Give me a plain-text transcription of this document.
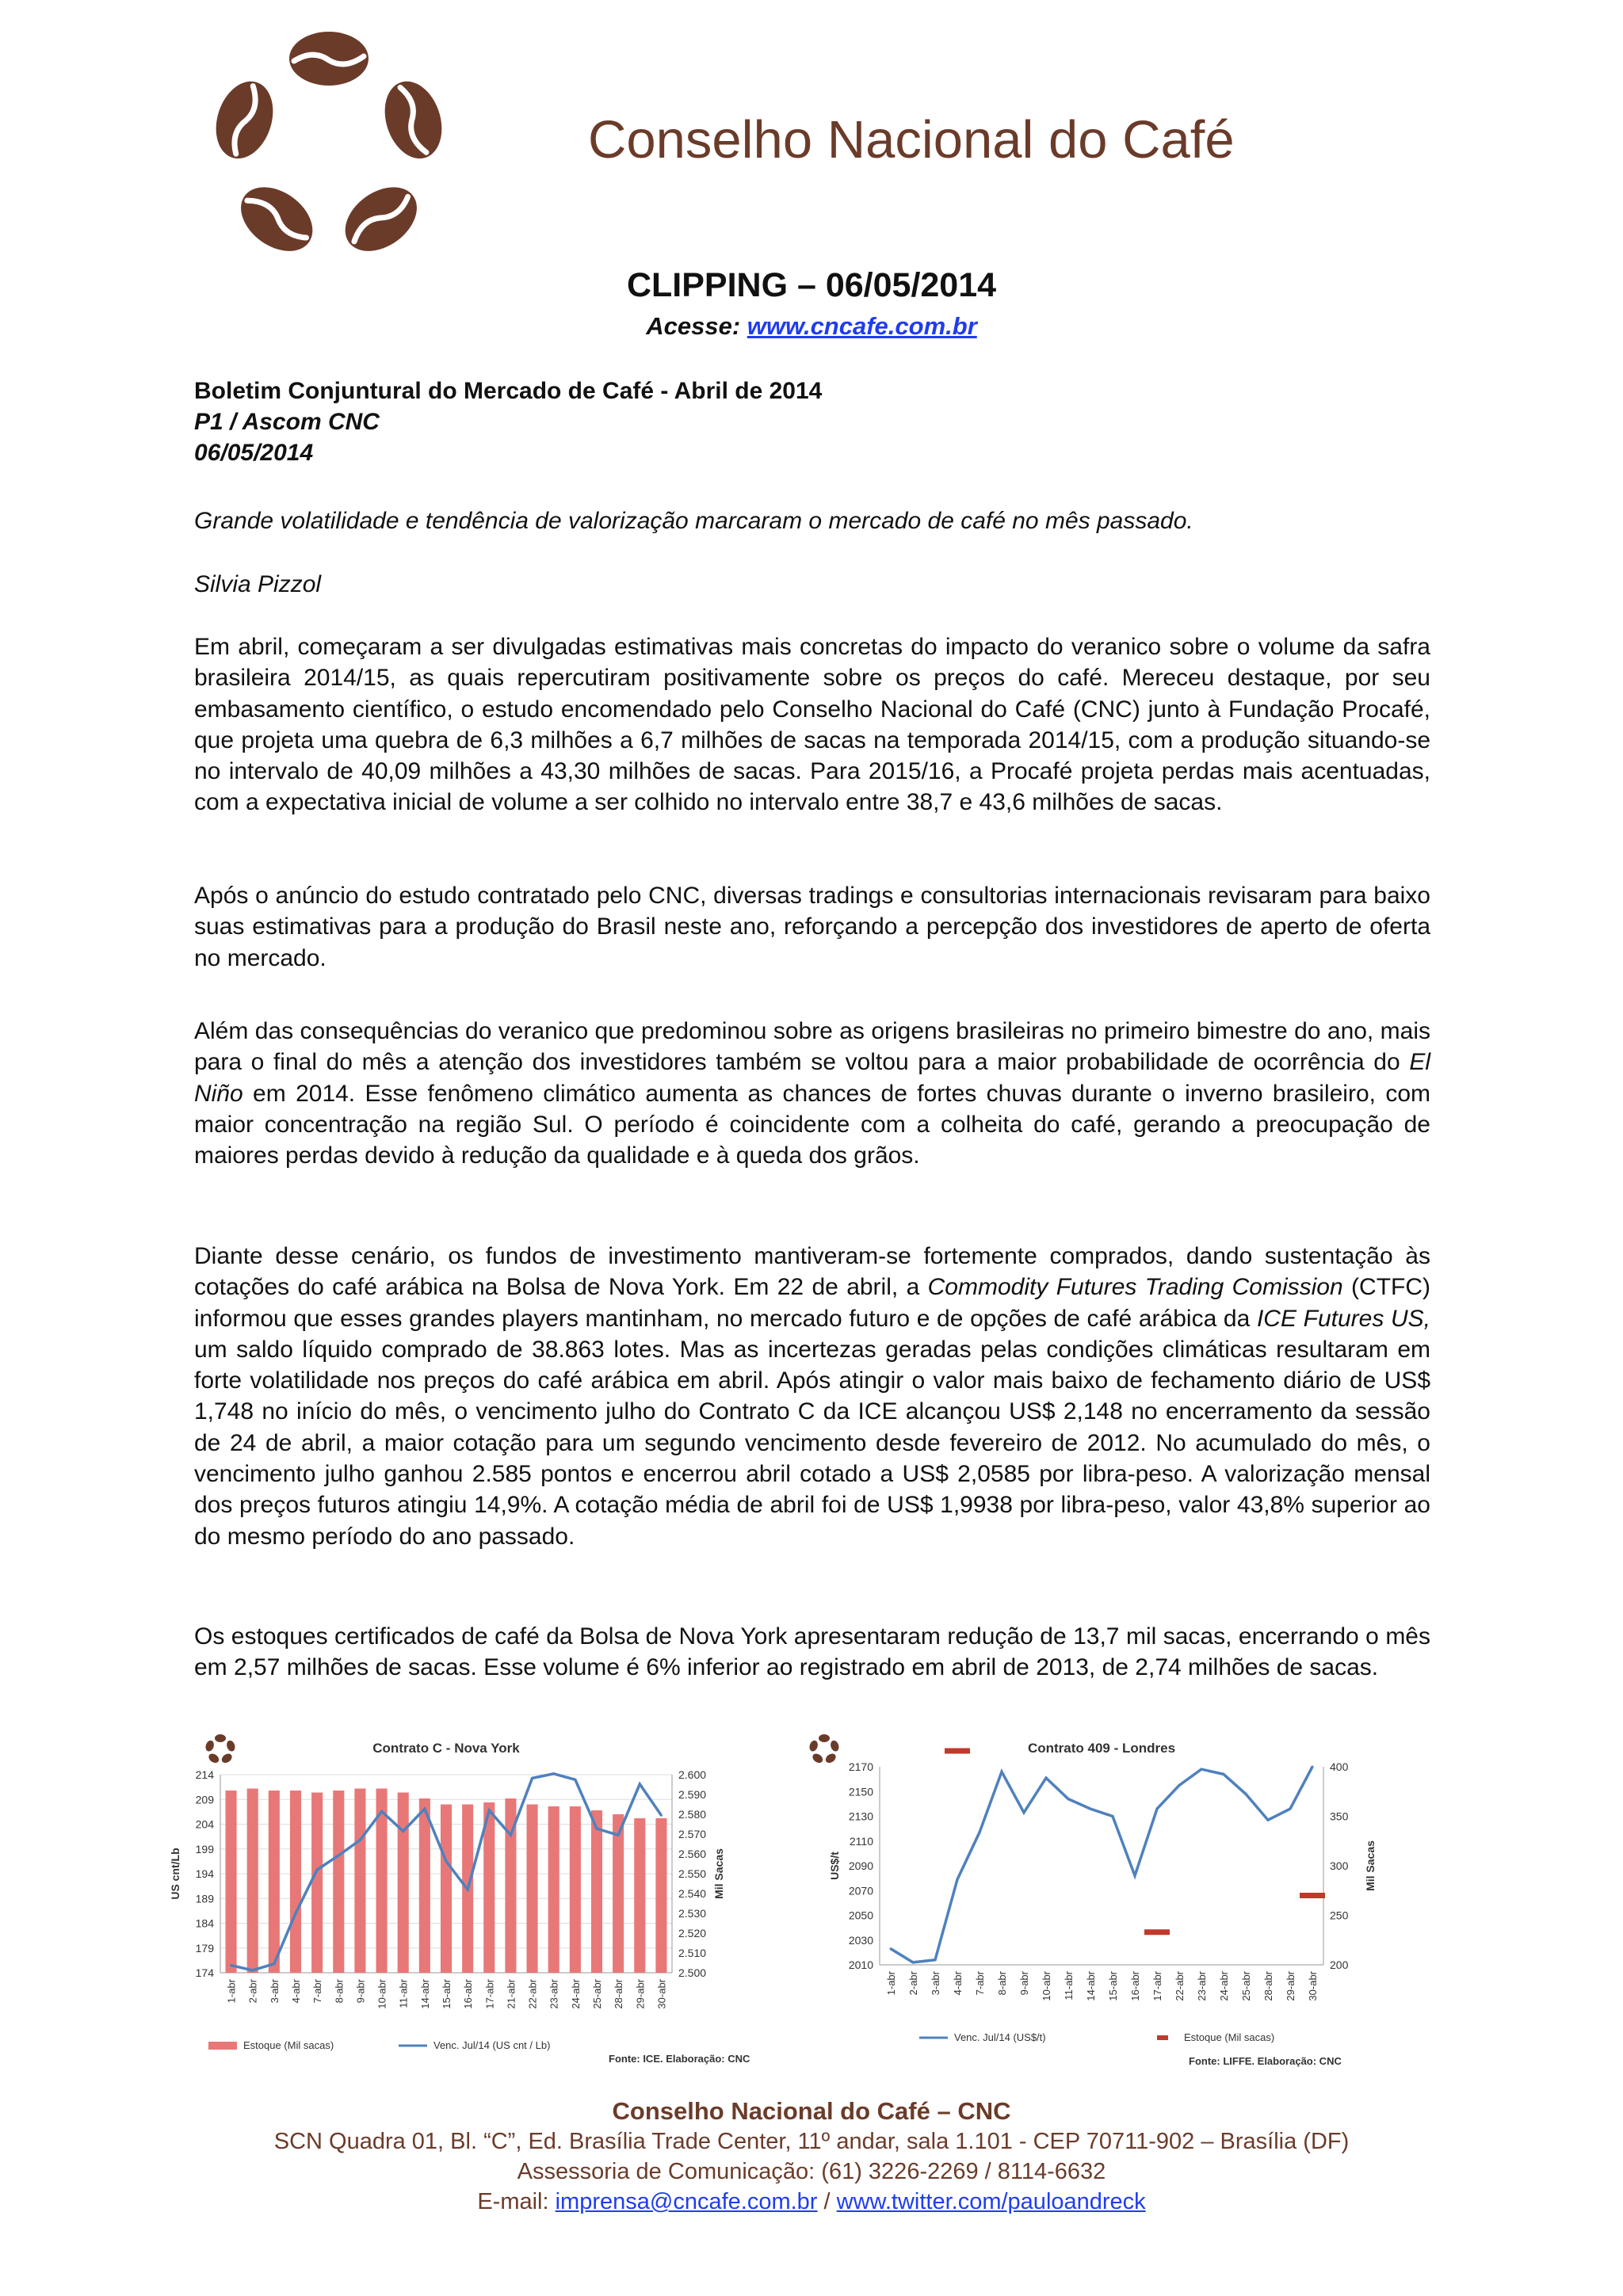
Conselho Nacional do Café
CLIPPING – 06/05/2014
Acesse: www.cncafe.com.br
Boletim Conjuntural do Mercado de Café - Abril de 2014
P1 / Ascom CNC
06/05/2014
Grande volatilidade e tendência de valorização marcaram o mercado de café no mês passado.
Silvia Pizzol
Em abril, começaram a ser divulgadas estimativas mais concretas do impacto do veranico sobre o volume da safra brasileira 2014/15, as quais repercutiram positivamente sobre os preços do café. Mereceu destaque, por seu embasamento científico, o estudo encomendado pelo Conselho Nacional do Café (CNC) junto à Fundação Procafé, que projeta uma quebra de 6,3 milhões a 6,7 milhões de sacas na temporada 2014/15, com a produção situando-se no intervalo de 40,09 milhões a 43,30 milhões de sacas. Para 2015/16, a Procafé projeta perdas mais acentuadas, com a expectativa inicial de volume a ser colhido no intervalo entre 38,7 e 43,6 milhões de sacas.
Após o anúncio do estudo contratado pelo CNC, diversas tradings e consultorias internacionais revisaram para baixo suas estimativas para a produção do Brasil neste ano, reforçando a percepção dos investidores de aperto de oferta no mercado.
Além das consequências do veranico que predominou sobre as origens brasileiras no primeiro bimestre do ano, mais para o final do mês a atenção dos investidores também se voltou para a maior probabilidade de ocorrência do El Niño em 2014. Esse fenômeno climático aumenta as chances de fortes chuvas durante o inverno brasileiro, com maior concentração na região Sul. O período é coincidente com a colheita do café, gerando a preocupação de maiores perdas devido à redução da qualidade e à queda dos grãos.
Diante desse cenário, os fundos de investimento mantiveram-se fortemente comprados, dando sustentação às cotações do café arábica na Bolsa de Nova York. Em 22 de abril, a Commodity Futures Trading Comission (CTFC) informou que esses grandes players mantinham, no mercado futuro e de opções de café arábica da ICE Futures US, um saldo líquido comprado de 38.863 lotes. Mas as incertezas geradas pelas condições climáticas resultaram em forte volatilidade nos preços do café arábica em abril. Após atingir o valor mais baixo de fechamento diário de US$ 1,748 no início do mês, o vencimento julho do Contrato C da ICE alcançou US$ 2,148 no encerramento da sessão de 24 de abril, a maior cotação para um segundo vencimento desde fevereiro de 2012. No acumulado do mês, o vencimento julho ganhou 2.585 pontos e encerrou abril cotado a US$ 2,0585 por libra-peso. A valorização mensal dos preços futuros atingiu 14,9%. A cotação média de abril foi de US$ 1,9938 por libra-peso, valor 43,8% superior ao do mesmo período do ano passado.
Os estoques certificados de café da Bolsa de Nova York apresentaram redução de 13,7 mil sacas, encerrando o mês em 2,57 milhões de sacas. Esse volume é 6% inferior ao registrado em abril de 2013, de 2,74 milhões de sacas.
Contrato C - Nova York
174
179
184
189
194
199
204
209
214
2.500
2.510
2.520
2.530
2.540
2.550
2.560
2.570
2.580
2.590
2.600
US cnt/Lb	Mil Sacas
1-abr 2-abr 3-abr 4-abr 7-abr 8-abr 9-abr 10-abr 11-abr 14-abr 15-abr 16-abr 17-abr 21-abr 22-abr 23-abr 24-abr 25-abr 28-abr 29-abr 30-abr
Estoque (Mil sacas)	Venc. Jul/14 (US cnt / Lb)
Fonte: ICE. Elaboração: CNC
Contrato 409 - Londres
2010
2030
2050
2070
2090
2110
2130
2150
2170
200
250
300
350
400
US$/t	Mil Sacas
1-abr 2-abr 3-abr 4-abr 7-abr 8-abr 9-abr 10-abr 11-abr 14-abr 15-abr 16-abr 17-abr 22-abr 23-abr 24-abr 25-abr 28-abr 29-abr 30-abr
Venc. Jul/14 (US$/t)	Estoque (Mil sacas)
Fonte: LIFFE. Elaboração: CNC
Conselho Nacional do Café – CNC
SCN Quadra 01, Bl. “C”, Ed. Brasília Trade Center, 11º andar, sala 1.101 - CEP 70711-902 – Brasília (DF)
Assessoria de Comunicação: (61) 3226-2269 / 8114-6632
E-mail: imprensa@cncafe.com.br / www.twitter.com/pauloandreck
